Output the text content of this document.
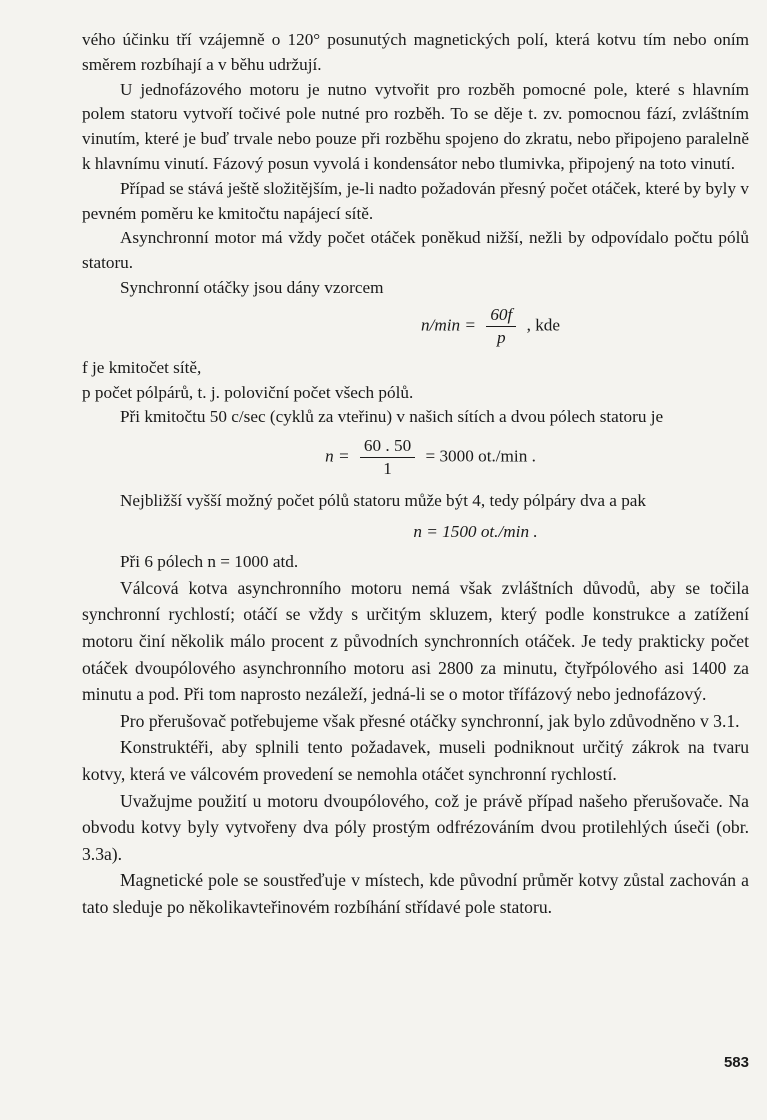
vého účinku tří vzájemně o 120° posunutých magnetických polí, která kotvu tím nebo oním směrem rozbíhají a v běhu udržují.

U jednofázového motoru je nutno vytvořit pro rozběh pomocné pole, které s hlavním polem statoru vytvoří točivé pole nutné pro rozběh. To se děje t. zv. pomocnou fází, zvláštním vinutím, které je buď trvale nebo pouze při rozběhu spojeno do zkratu, nebo připojeno paralelně k hlavnímu vinutí. Fázový posun vyvolá i kondensátor nebo tlumivka, připojený na toto vinutí.

Případ se stává ještě složitějším, je-li nadto požadován přesný počet otáček, které by byly v pevném poměru ke kmitočtu napájecí sítě.

Asynchronní motor má vždy počet otáček poněkud nižší, nežli by odpovídalo počtu pólů statoru.

Synchronní otáčky jsou dány vzorcem

$n/\min = \frac{60f}{p}$ , kde

f je kmitočet sítě,

p počet pólpárů, t. j. poloviční počet všech pólů.

Při kmitočtu 50 c/sec (cyklů za vteřinu) v našich sítích a dvou pólech statoru je

$n = \frac{60 . 50}{1} = 3000$ ot./min .

Nejbližší vyšší možný počet pólů statoru může být 4, tedy pólpáry dva a pak

n = 1500 ot./min .

Při 6 pólech n = 1000 atd.

Válcová kotva asynchronního motoru nemá však zvláštních důvodů, aby se točila synchronní rychlostí; otáčí se vždy s určitým skluzem, který podle konstrukce a zatížení motoru činí několik málo procent z původních synchronních otáček. Je tedy prakticky počet otáček dvoupólového asynchronního motoru asi 2800 za minutu, čtyřpólového asi 1400 za minutu a pod. Při tom naprosto nezáleží, jedná-li se o motor třífázový nebo jednofázový.

Pro přerušovač potřebujeme však přesné otáčky synchronní, jak bylo zdůvodněno v 3.1.

Konstruktéři, aby splnili tento požadavek, museli podniknout určitý zákrok na tvaru kotvy, která ve válcovém provedení se nemohla otáčet synchronní rychlostí.

Uvažujme použití u motoru dvoupólového, což je právě případ našeho přerušovače. Na obvodu kotvy byly vytvořeny dva póly prostým odfrézováním dvou protilehlých úseči (obr. 3.3a).

Magnetické pole se soustřeďuje v místech, kde původní průměr kotvy zůstal zachován a tato sleduje po několikavteřinovém rozbíhání střídavé pole statoru.

583
